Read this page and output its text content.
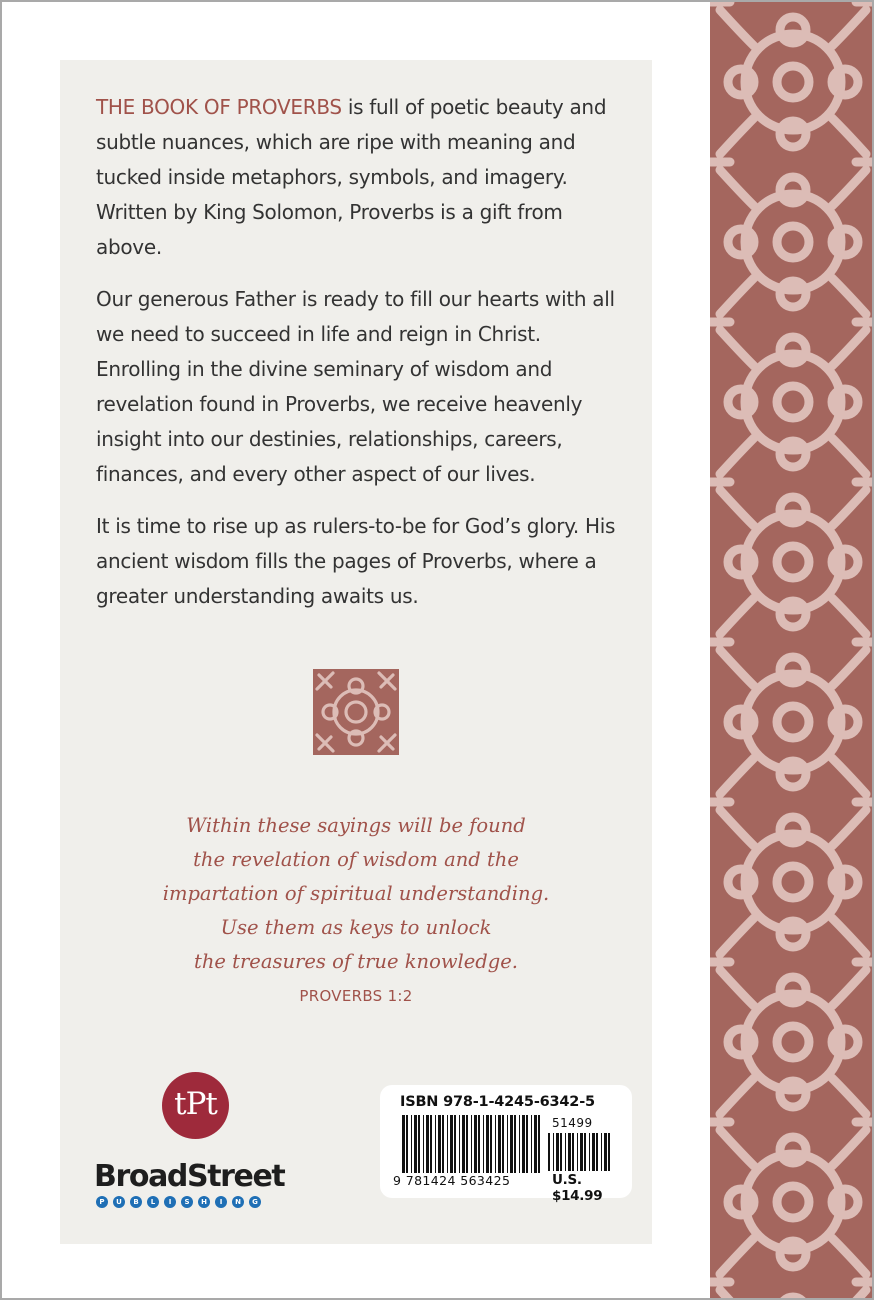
THE BOOK OF PROVERBS is full of poetic beauty and subtle nuances, which are ripe with meaning and tucked inside metaphors, symbols, and imagery. Written by King Solomon, Proverbs is a gift from above.

Our generous Father is ready to fill our hearts with all we need to succeed in life and reign in Christ. Enrolling in the divine seminary of wisdom and revelation found in Proverbs, we receive heavenly insight into our destinies, relationships, careers, finances, and every other aspect of our lives.

It is time to rise up as rulers-to-be for God’s glory. His ancient wisdom fills the pages of Proverbs, where a greater understanding awaits us.

Within these sayings will be found
the revelation of wisdom and the
impartation of spiritual understanding.
Use them as keys to unlock
the treasures of true knowledge.
PROVERBS 1:2
tPt
BroadStreet
P	U	B	L	I	S	H	I	N	G
ISBN 978-1-4245-6342-5
51499
9 781424 563425	U.S. $14.99
